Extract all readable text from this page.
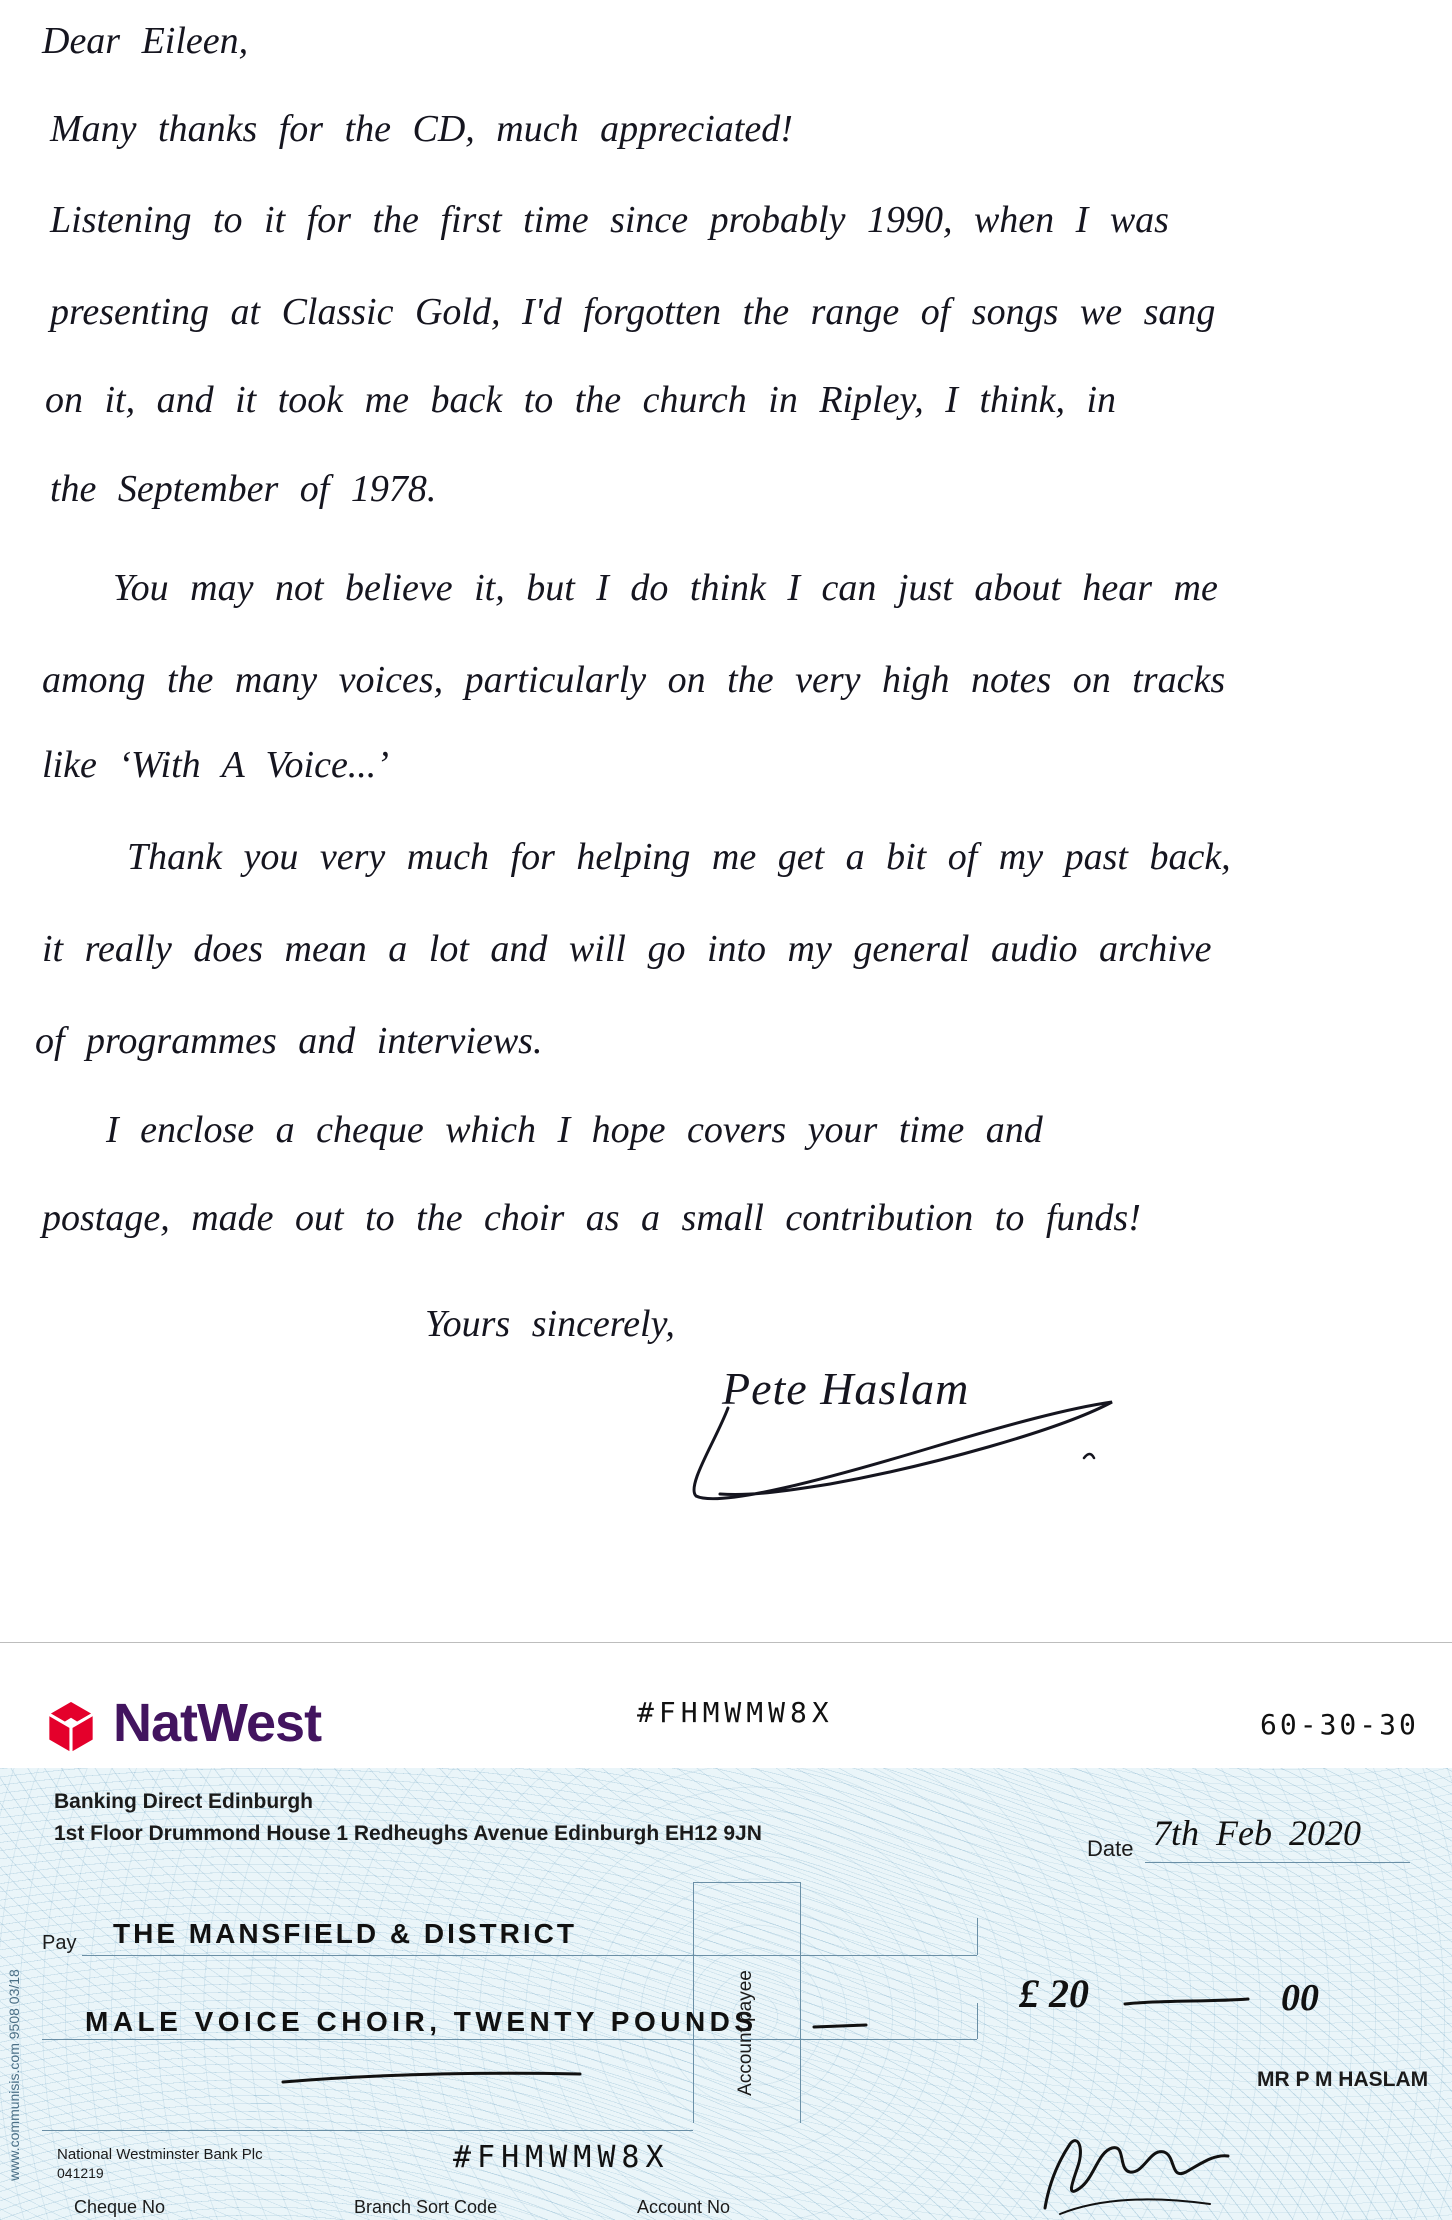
Dear Eileen,
Many thanks for the CD, much appreciated!
Listening to it for the first time since probably 1990, when I was
presenting at Classic Gold, I'd forgotten the range of songs we sang
on it, and it took me back to the church in Ripley, I think, in
the September of 1978.
You may not believe it, but I do think I can just about hear me
among the many voices, particularly on the very high notes on tracks
like ‘With A Voice...’
Thank you very much for helping me get a bit of my past back,
it really does mean a lot and will go into my general audio archive
of programmes and interviews.
I enclose a cheque which I hope covers your time and
postage, made out to the choir as a small contribution to funds!
Yours sincerely,
Pete Haslam
NatWest	#FHMWMW8X	60-30-30
Banking Direct Edinburgh
1st Floor Drummond House 1 Redheughs Avenue Edinburgh EH12 9JN
Date 7th Feb 2020
Pay THE MANSFIELD & DISTRICT
MALE VOICE CHOIR, TWENTY POUNDS
Account payee	£ 20	00
MR P M HASLAM
www.communisis.com 9508 03/18 National Westminster Bank Plc
041219	#FHMWMW8X
Cheque No	Branch Sort Code	Account No
